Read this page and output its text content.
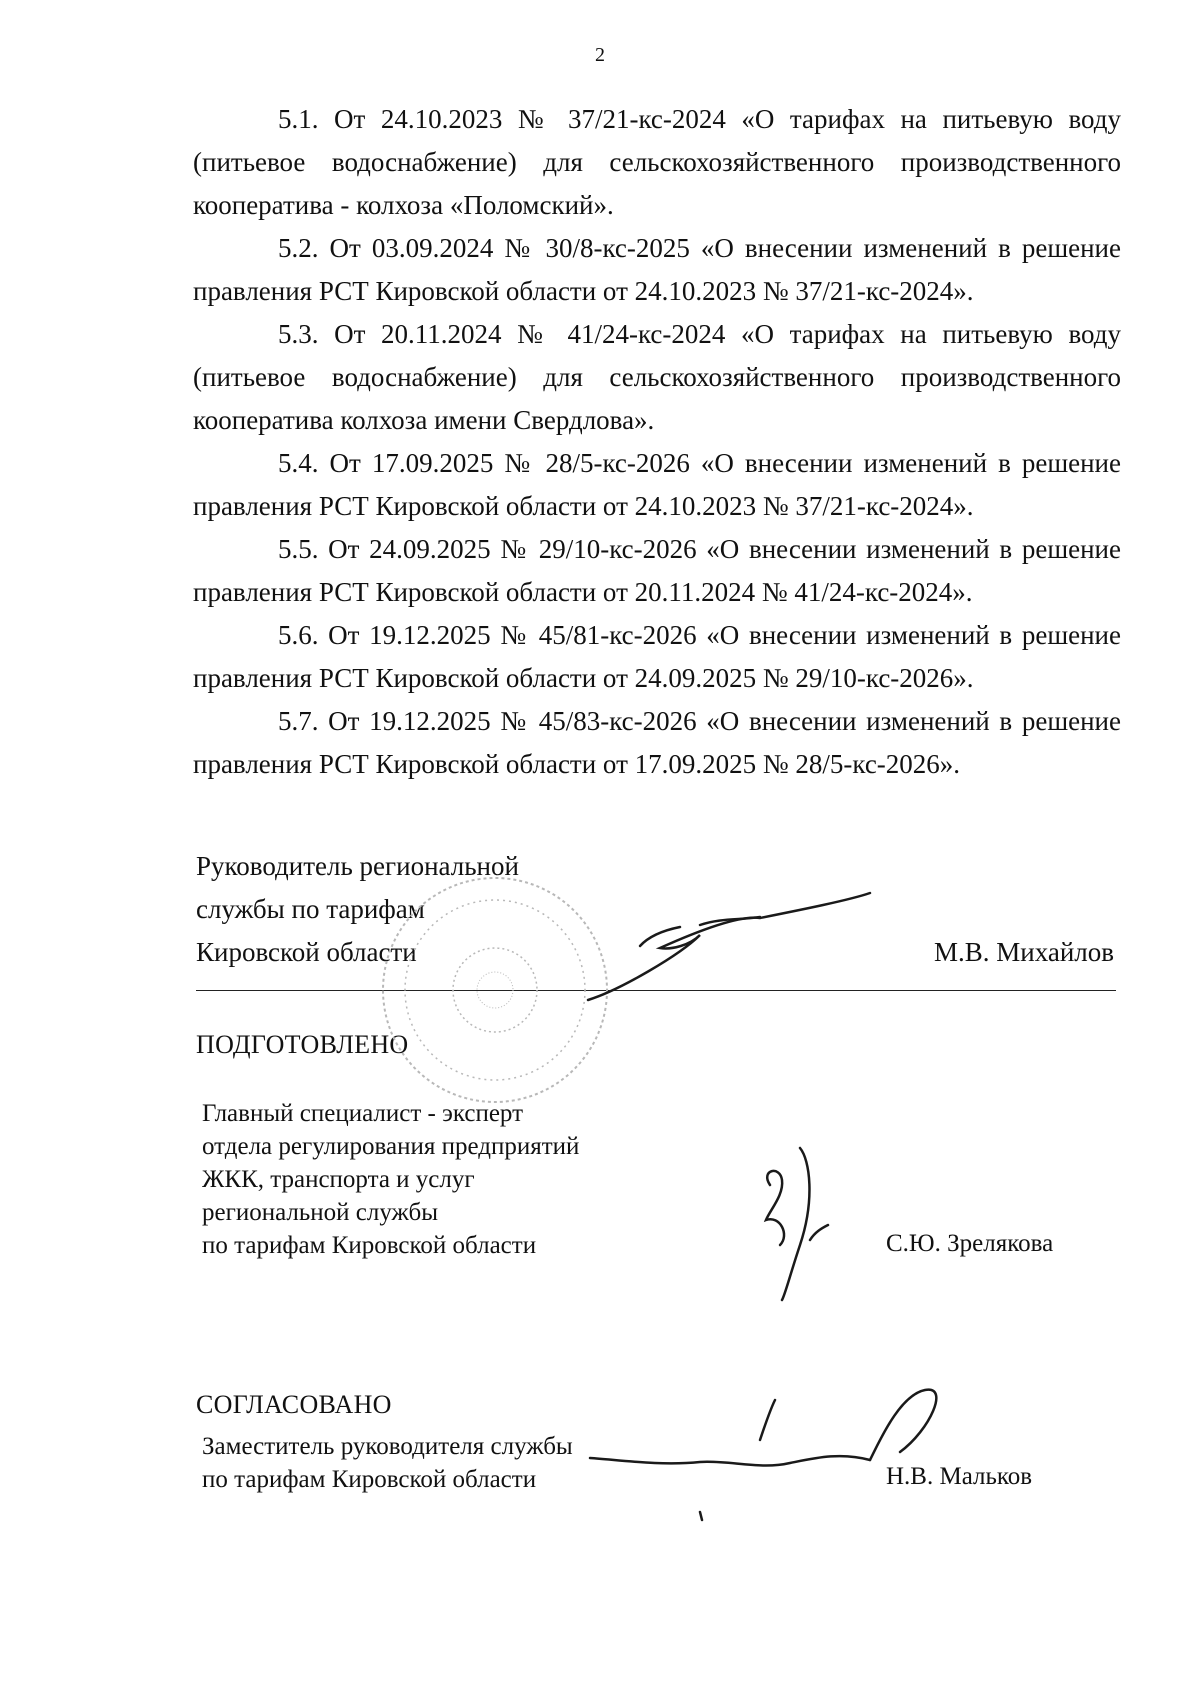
2

5.1. От 24.10.2023 № 37/21-кс-2024 «О тарифах на питьевую воду (питьевое водоснабжение) для сельскохозяйственного производственного кооператива - колхоза «Поломский».

5.2. От 03.09.2024 № 30/8-кс-2025 «О внесении изменений в решение правления РСТ Кировской области от 24.10.2023 № 37/21-кс-2024».

5.3. От 20.11.2024 № 41/24-кс-2024 «О тарифах на питьевую воду (питьевое водоснабжение) для сельскохозяйственного производственного кооператива колхоза имени Свердлова».

5.4. От 17.09.2025 № 28/5-кс-2026 «О внесении изменений в решение правления РСТ Кировской области от 24.10.2023 № 37/21-кс-2024».

5.5. От 24.09.2025 № 29/10-кс-2026 «О внесении изменений в решение правления РСТ Кировской области от 20.11.2024 № 41/24-кс-2024».

5.6. От 19.12.2025 № 45/81-кс-2026 «О внесении изменений в решение правления РСТ Кировской области от 24.09.2025 № 29/10-кс-2026».

5.7. От 19.12.2025 № 45/83-кс-2026 «О внесении изменений в решение правления РСТ Кировской области от 17.09.2025 № 28/5-кс-2026».

Руководитель региональной
службы по тарифам
Кировской области	М.В. Михайлов
ПОДГОТОВЛЕНО
Главный специалист - эксперт
отдела регулирования предприятий
ЖКК, транспорта и услуг
региональной службы
по тарифам Кировской области	С.Ю. Зрелякова
СОГЛАСОВАНО
Заместитель руководителя службы
по тарифам Кировской области	Н.В. Мальков
